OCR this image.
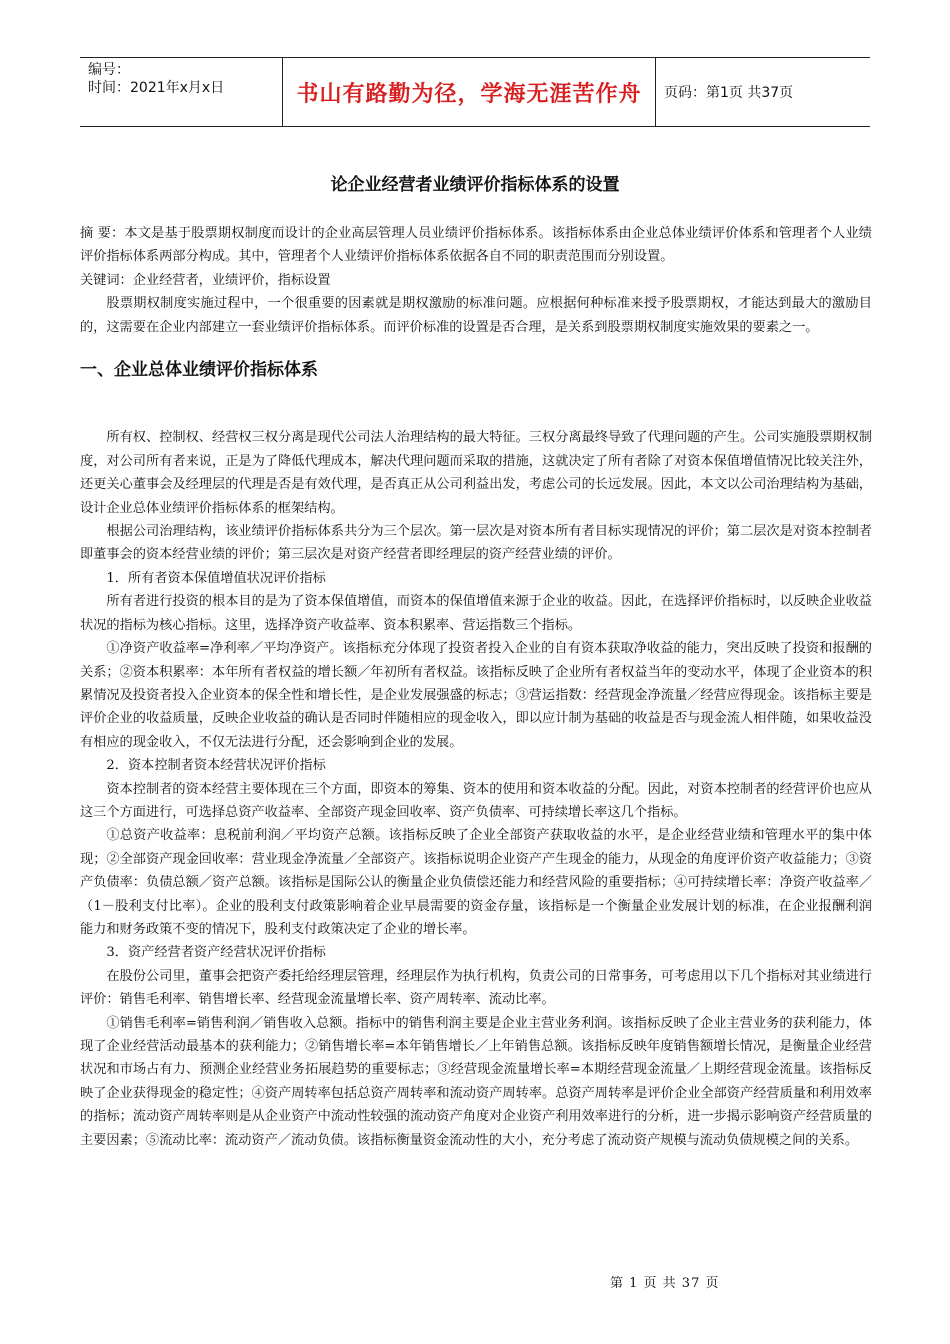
编号：
时间：2021年x月x日	书山有路勤为径，学海无涯苦作舟 页码：第1页 共37页
论企业经营者业绩评价指标体系的设置

摘 要：本文是基于股票期权制度而设计的企业高层管理人员业绩评价指标体系。该指标体系由企业总体业绩评价体系和管理者个人业绩评价指标体系两部分构成。其中，管理者个人业绩评价指标体系依据各自不同的职责范围而分别设置。

关键词：企业经营者，业绩评价，指标设置

股票期权制度实施过程中，一个很重要的因素就是期权激励的标准问题。应根据何种标准来授予股票期权，才能达到最大的激励目的，这需要在企业内部建立一套业绩评价指标体系。而评价标准的设置是否合理，是关系到股票期权制度实施效果的要素之一。

一、企业总体业绩评价指标体系

所有权、控制权、经营权三权分离是现代公司法人治理结构的最大特征。三权分离最终导致了代理问题的产生。公司实施股票期权制度，对公司所有者来说，正是为了降低代理成本，解决代理问题而采取的措施，这就决定了所有者除了对资本保值增值情况比较关注外，还更关心董事会及经理层的代理是否是有效代理，是否真正从公司利益出发，考虑公司的长远发展。因此，本文以公司治理结构为基础，设计企业总体业绩评价指标体系的框架结构。

根据公司治理结构，该业绩评价指标体系共分为三个层次。第一层次是对资本所有者目标实现情况的评价；第二层次是对资本控制者即董事会的资本经营业绩的评价；第三层次是对资产经营者即经理层的资产经营业绩的评价。

1．所有者资本保值增值状况评价指标

所有者进行投资的根本目的是为了资本保值增值，而资本的保值增值来源于企业的收益。因此，在选择评价指标时，以反映企业收益状况的指标为核心指标。这里，选择净资产收益率、资本积累率、营运指数三个指标。

①净资产收益率=净利率／平均净资产。该指标充分体现了投资者投入企业的自有资本获取净收益的能力，突出反映了投资和报酬的关系；②资本积累率：本年所有者权益的增长额／年初所有者权益。该指标反映了企业所有者权益当年的变动水平，体现了企业资本的积累情况及投资者投入企业资本的保全性和增长性，是企业发展强盛的标志；③营运指数：经营现金净流量／经营应得现金。该指标主要是评价企业的收益质量，反映企业收益的确认是否同时伴随相应的现金收入，即以应计制为基础的收益是否与现金流人相伴随，如果收益没有相应的现金收入，不仅无法进行分配，还会影响到企业的发展。

2．资本控制者资本经营状况评价指标

资本控制者的资本经营主要体现在三个方面，即资本的筹集、资本的使用和资本收益的分配。因此，对资本控制者的经营评价也应从这三个方面进行，可选择总资产收益率、全部资产现金回收率、资产负债率、可持续增长率这几个指标。

①总资产收益率：息税前利润／平均资产总额。该指标反映了企业全部资产获取收益的水平，是企业经营业绩和管理水平的集中体现；②全部资产现金回收率：营业现金净流量／全部资产。该指标说明企业资产产生现金的能力，从现金的角度评价资产收益能力；③资产负债率：负债总额／资产总额。该指标是国际公认的衡量企业负债偿还能力和经营风险的重要指标；④可持续增长率：净资产收益率／（1－股利支付比率）。企业的股利支付政策影响着企业早晨需要的资金存量，该指标是一个衡量企业发展计划的标准，在企业报酬利润能力和财务政策不变的情况下，股利支付政策决定了企业的增长率。

3．资产经营者资产经营状况评价指标

在股份公司里，董事会把资产委托给经理层管理，经理层作为执行机构，负责公司的日常事务，可考虑用以下几个指标对其业绩进行评价：销售毛利率、销售增长率、经营现金流量增长率、资产周转率、流动比率。

①销售毛利率=销售利润／销售收入总额。指标中的销售利润主要是企业主营业务利润。该指标反映了企业主营业务的获利能力，体现了企业经营活动最基本的获利能力；②销售增长率=本年销售增长／上年销售总额。该指标反映年度销售额增长情况，是衡量企业经营状况和市场占有力、预测企业经营业务拓展趋势的重要标志；③经营现金流量增长率=本期经营现金流量／上期经营现金流量。该指标反映了企业获得现金的稳定性；④资产周转率包括总资产周转率和流动资产周转率。总资产周转率是评价企业全部资产经营质量和利用效率的指标；流动资产周转率则是从企业资产中流动性较强的流动资产角度对企业资产利用效率进行的分析，进一步揭示影响资产经营质量的主要因素；⑤流动比率：流动资产／流动负债。该指标衡量资金流动性的大小，充分考虑了流动资产规模与流动负债规模之间的关系。

第 1 页 共 37 页
